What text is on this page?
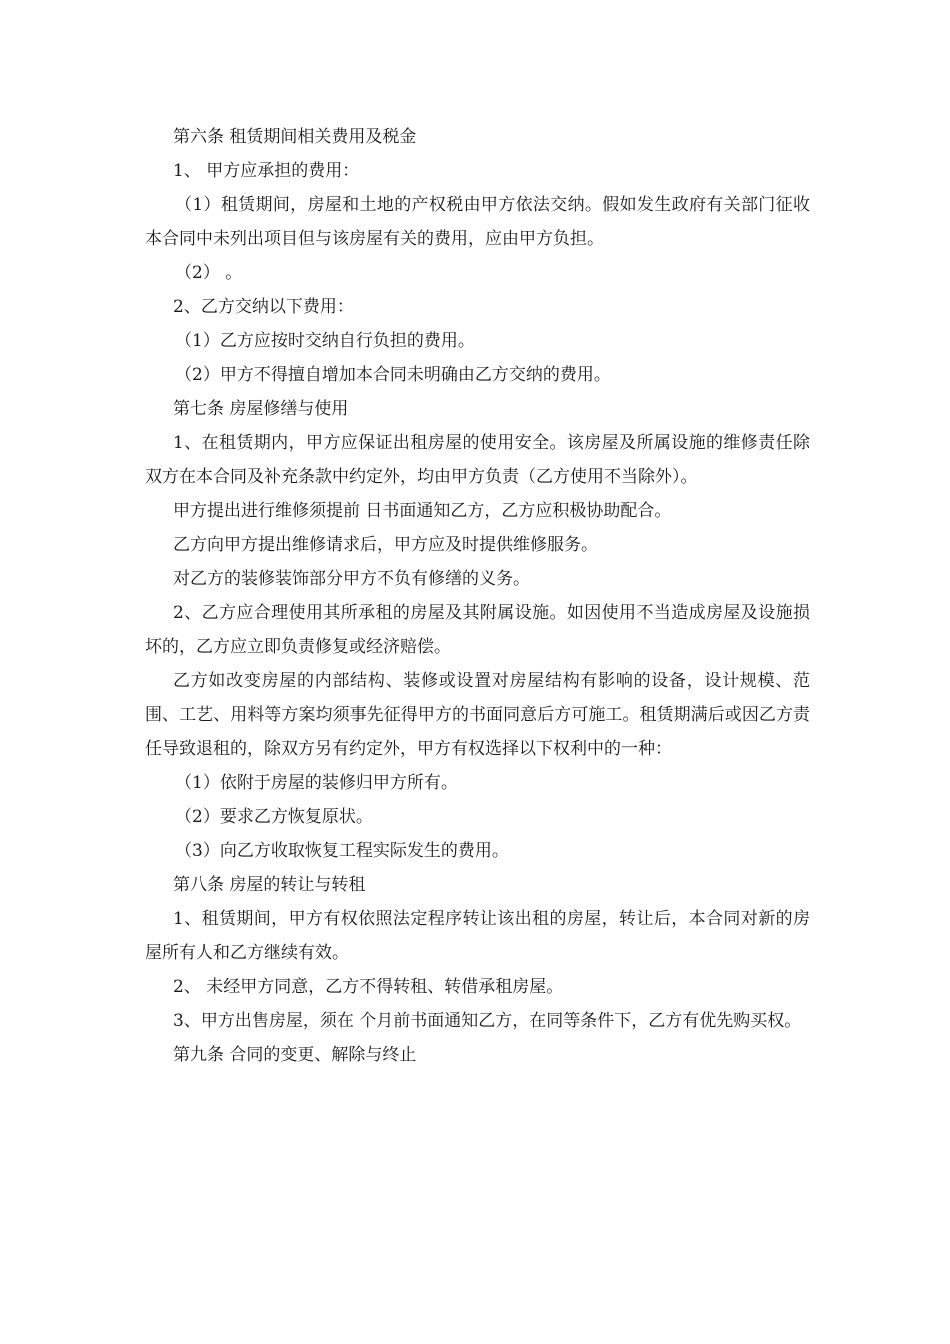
第六条 租赁期间相关费用及税金

1、 甲方应承担的费用：

（1）租赁期间，房屋和土地的产权税由甲方依法交纳。假如发生政府有关部门征收本合同中未列出项目但与该房屋有关的费用，应由甲方负担。

（2） 。

2、乙方交纳以下费用：

（1）乙方应按时交纳自行负担的费用。

（2）甲方不得擅自增加本合同未明确由乙方交纳的费用。

第七条 房屋修缮与使用

1、在租赁期内，甲方应保证出租房屋的使用安全。该房屋及所属设施的维修责任除双方在本合同及补充条款中约定外，均由甲方负责（乙方使用不当除外）。

甲方提出进行维修须提前 日书面通知乙方，乙方应积极协助配合。

乙方向甲方提出维修请求后，甲方应及时提供维修服务。

对乙方的装修装饰部分甲方不负有修缮的义务。

2、乙方应合理使用其所承租的房屋及其附属设施。如因使用不当造成房屋及设施损坏的，乙方应立即负责修复或经济赔偿。

乙方如改变房屋的内部结构、装修或设置对房屋结构有影响的设备，设计规模、范围、工艺、用料等方案均须事先征得甲方的书面同意后方可施工。租赁期满后或因乙方责任导致退租的，除双方另有约定外，甲方有权选择以下权利中的一种：

（1）依附于房屋的装修归甲方所有。

（2）要求乙方恢复原状。

（3）向乙方收取恢复工程实际发生的费用。

第八条 房屋的转让与转租

1、租赁期间，甲方有权依照法定程序转让该出租的房屋，转让后，本合同对新的房屋所有人和乙方继续有效。

2、 未经甲方同意，乙方不得转租、转借承租房屋。

3、甲方出售房屋，须在 个月前书面通知乙方，在同等条件下，乙方有优先购买权。

第九条 合同的变更、解除与终止
